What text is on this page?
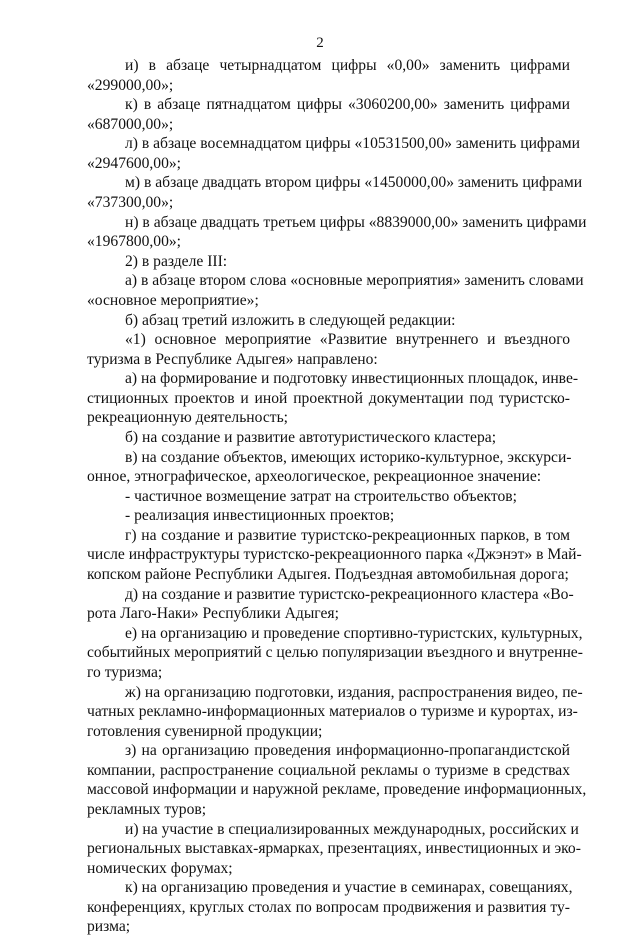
2
и) в абзаце четырнадцатом цифры «0,00» заменить цифрами
«299000,00»;
к) в абзаце пятнадцатом цифры «3060200,00» заменить цифрами
«687000,00»;
л) в абзаце восемнадцатом цифры «10531500,00» заменить цифрами
«2947600,00»;
м) в абзаце двадцать втором цифры «1450000,00» заменить цифрами
«737300,00»;
н) в абзаце двадцать третьем цифры «8839000,00» заменить цифрами
«1967800,00»;
2) в разделе III:
а) в абзаце втором слова «основные мероприятия» заменить словами
«основное мероприятие»;
б) абзац третий изложить в следующей редакции:
«1) основное мероприятие «Развитие внутреннего и въездного
туризма в Республике Адыгея» направлено:
а) на формирование и подготовку инвестиционных площадок, инве-
стиционных проектов и иной проектной документации под туристско-
рекреационную деятельность;
б) на создание и развитие автотуристического кластера;
в) на создание объектов, имеющих историко-культурное, экскурси-
онное, этнографическое, археологическое, рекреационное значение:
- частичное возмещение затрат на строительство объектов;
- реализация инвестиционных проектов;
г) на создание и развитие туристско-рекреационных парков, в том
числе инфраструктуры туристско-рекреационного парка «Джэнэт» в Май-
копском районе Республики Адыгея. Подъездная автомобильная дорога;
д) на создание и развитие туристско-рекреационного кластера «Во-
рота Лаго-Наки» Республики Адыгея;
е) на организацию и проведение спортивно-туристских, культурных,
событийных мероприятий с целью популяризации въездного и внутренне-
го туризма;
ж) на организацию подготовки, издания, распространения видео, пе-
чатных рекламно-информационных материалов о туризме и курортах, из-
готовления сувенирной продукции;
з) на организацию проведения информационно-пропагандистской
компании, распространение социальной рекламы о туризме в средствах
массовой информации и наружной рекламе, проведение информационных,
рекламных туров;
и) на участие в специализированных международных, российских и
региональных выставках-ярмарках, презентациях, инвестиционных и эко-
номических форумах;
к) на организацию проведения и участие в семинарах, совещаниях,
конференциях, круглых столах по вопросам продвижения и развития ту-
ризма;
